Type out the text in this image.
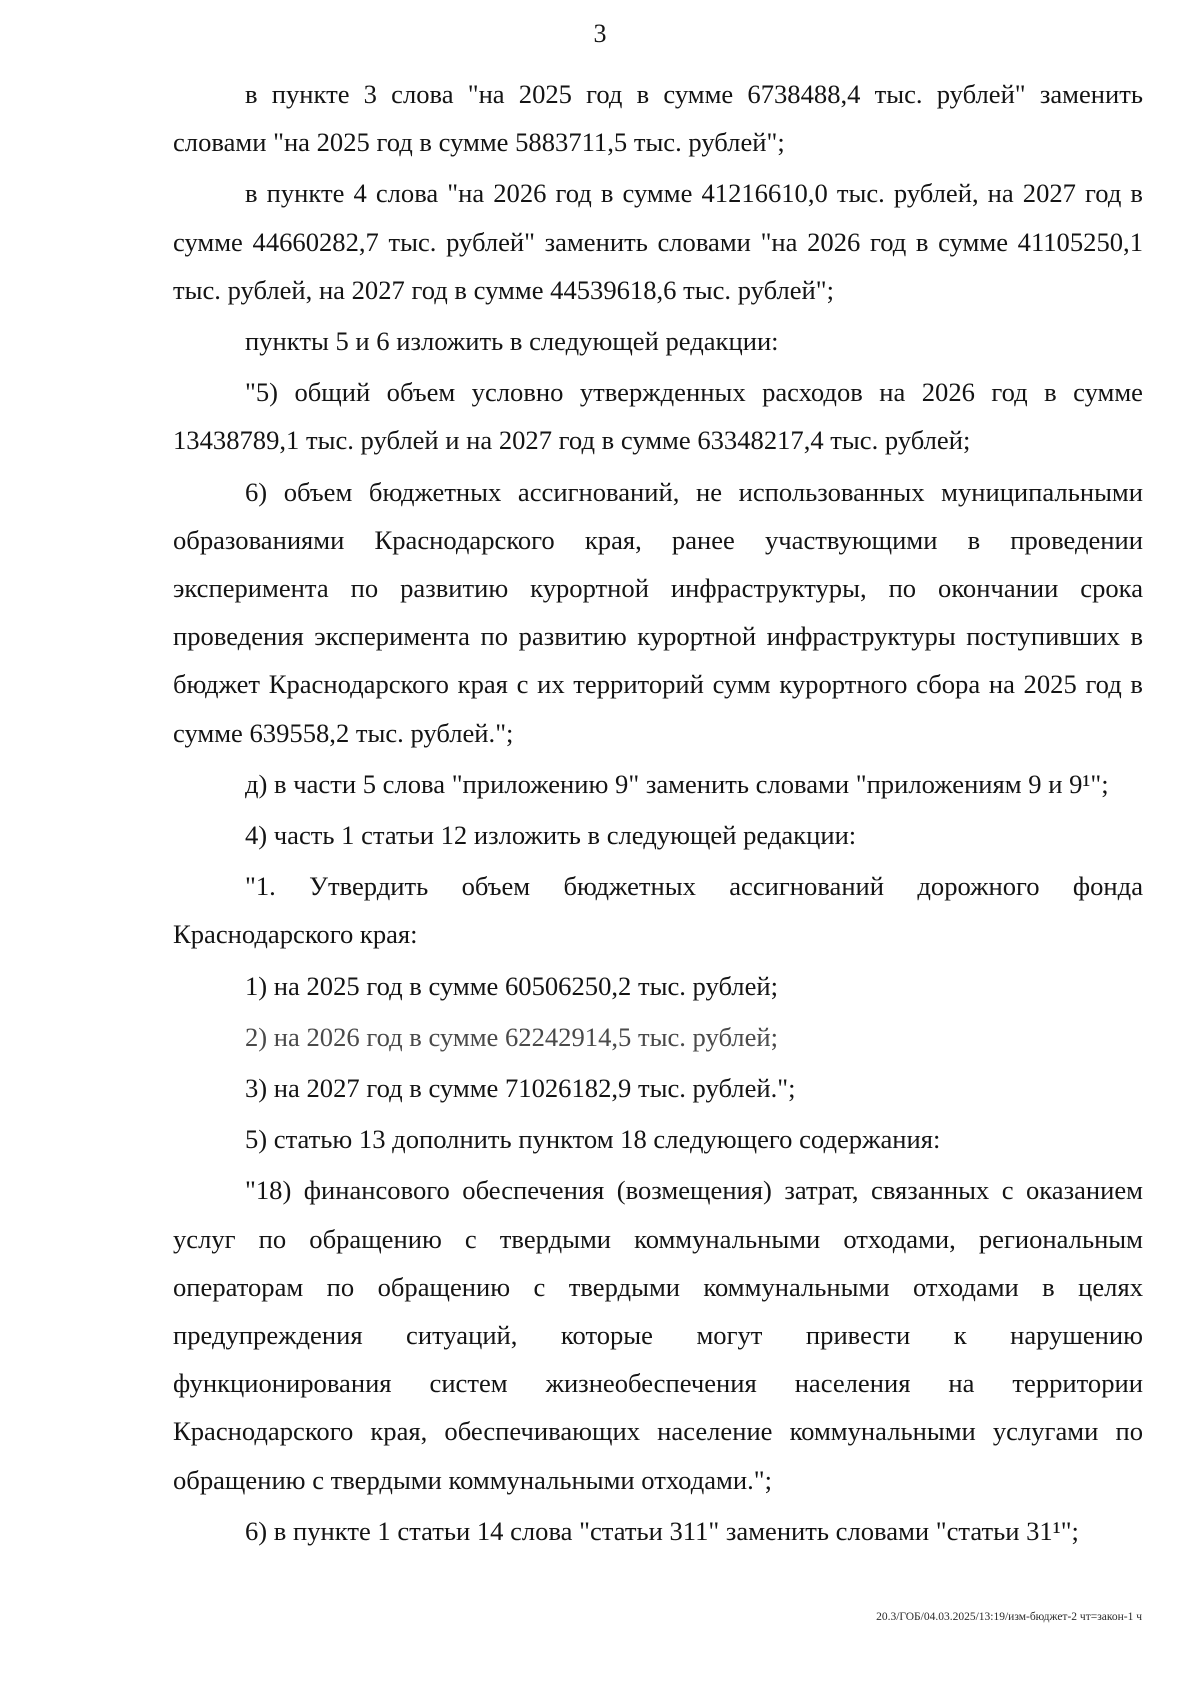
3

в пункте 3 слова "на 2025 год в сумме 6738488,4 тыс. рублей" заменить словами "на 2025 год в сумме 5883711,5 тыс. рублей";

в пункте 4 слова "на 2026 год в сумме 41216610,0 тыс. рублей, на 2027 год в сумме 44660282,7 тыс. рублей" заменить словами "на 2026 год в сумме 41105250,1 тыс. рублей, на 2027 год в сумме 44539618,6 тыс. рублей";

пункты 5 и 6 изложить в следующей редакции:

"5) общий объем условно утвержденных расходов на 2026 год в сумме 13438789,1 тыс. рублей и на 2027 год в сумме 63348217,4 тыс. рублей;

6) объем бюджетных ассигнований, не использованных муниципальными образованиями Краснодарского края, ранее участвующими в проведении эксперимента по развитию курортной инфраструктуры, по окончании срока проведения эксперимента по развитию курортной инфраструктуры поступивших в бюджет Краснодарского края с их территорий сумм курортного сбора на 2025 год в сумме 639558,2 тыс. рублей.";

д) в части 5 слова "приложению 9" заменить словами "приложениям 9 и 9¹";

4) часть 1 статьи 12 изложить в следующей редакции:

"1. Утвердить объем бюджетных ассигнований дорожного фонда Краснодарского края:

1) на 2025 год в сумме 60506250,2 тыс. рублей;

2) на 2026 год в сумме 62242914,5 тыс. рублей;

3) на 2027 год в сумме 71026182,9 тыс. рублей.";

5) статью 13 дополнить пунктом 18 следующего содержания:

"18) финансового обеспечения (возмещения) затрат, связанных с оказанием услуг по обращению с твердыми коммунальными отходами, региональным операторам по обращению с твердыми коммунальными отходами в целях предупреждения ситуаций, которые могут привести к нарушению функционирования систем жизнеобеспечения населения на территории Краснодарского края, обеспечивающих население коммунальными услугами по обращению с твердыми коммунальными отходами.";

6) в пункте 1 статьи 14 слова "статьи 311" заменить словами "статьи 31¹";

20.3/ГОБ/04.03.2025/13:19/изм-бюджет-2 чт=закон-1 ч
